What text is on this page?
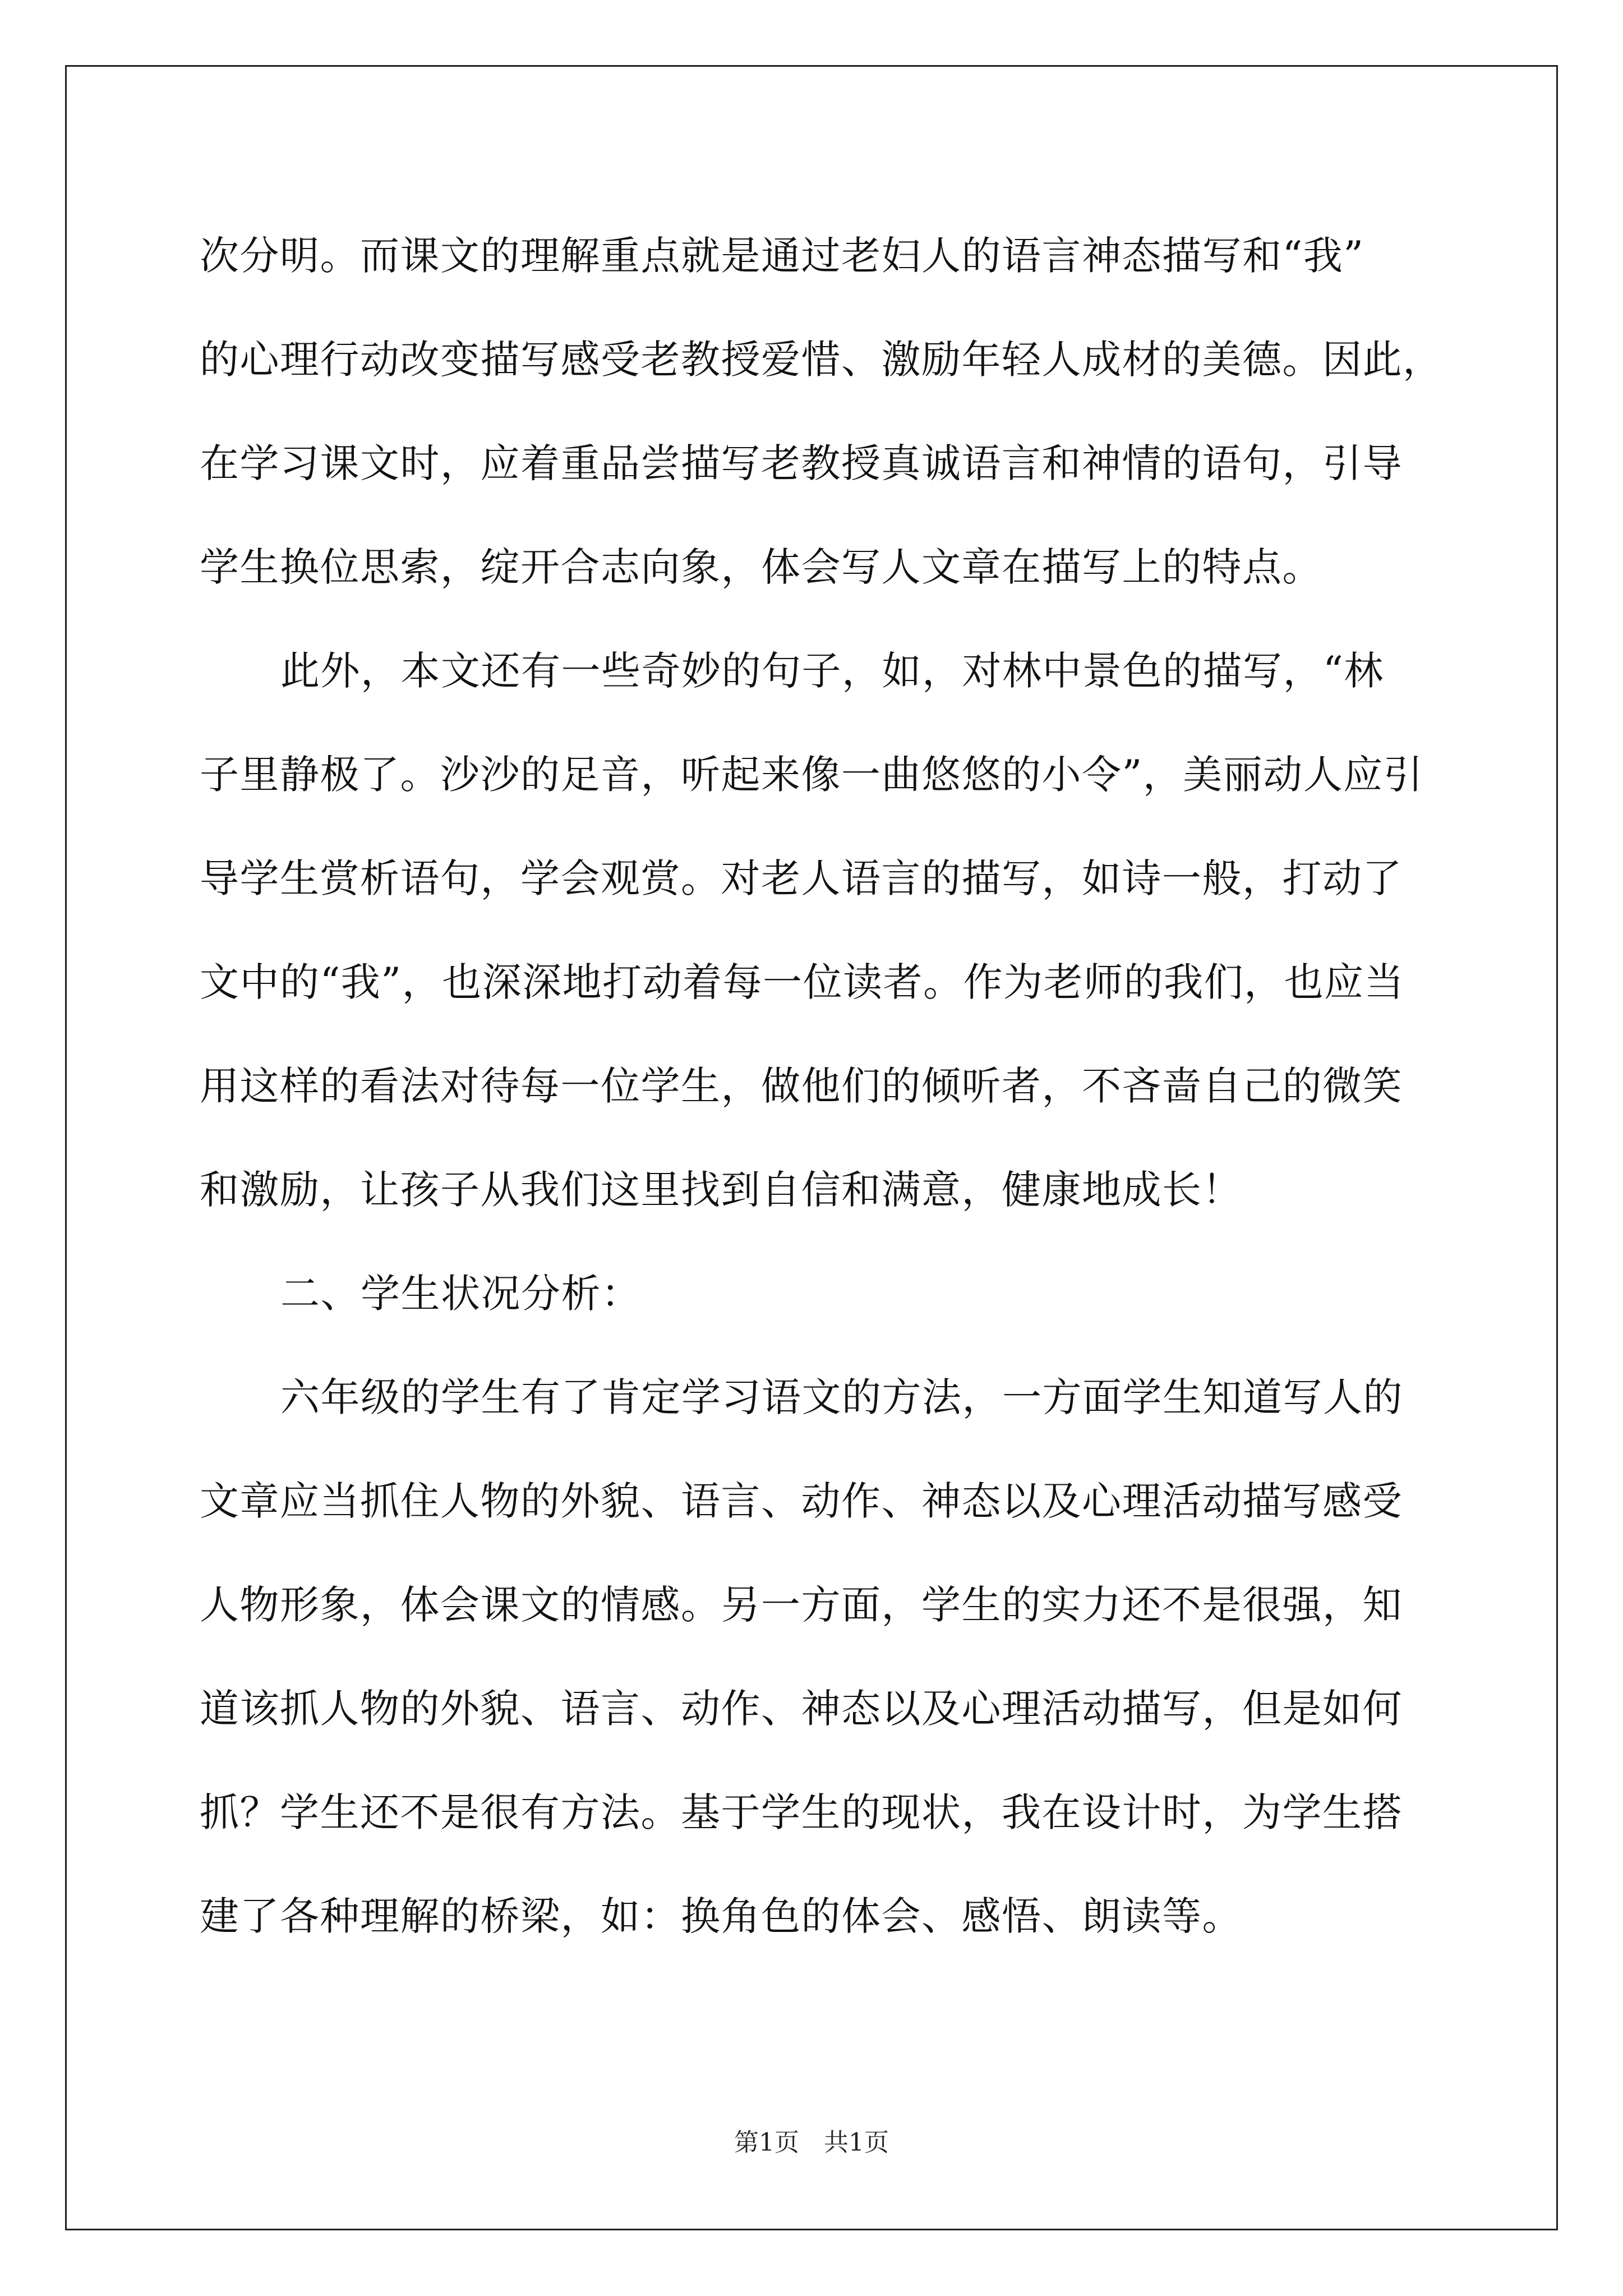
次分明。而课文的理解重点就是通过老妇人的语言神态描写和“我”
的心理行动改变描写感受老教授爱惜、激励年轻人成材的美德。因此，
在学习课文时，应着重品尝描写老教授真诚语言和神情的语句，引导
学生换位思索，绽开合志向象，体会写人文章在描写上的特点。
此外，本文还有一些奇妙的句子，如，对林中景色的描写，“林
子里静极了。沙沙的足音，听起来像一曲悠悠的小令”，美丽动人应引
导学生赏析语句，学会观赏。对老人语言的描写，如诗一般，打动了
文中的“我”，也深深地打动着每一位读者。作为老师的我们，也应当
用这样的看法对待每一位学生，做他们的倾听者，不吝啬自己的微笑
和激励，让孩子从我们这里找到自信和满意，健康地成长！
二、学生状况分析：
六年级的学生有了肯定学习语文的方法，一方面学生知道写人的
文章应当抓住人物的外貌、语言、动作、神态以及心理活动描写感受
人物形象，体会课文的情感。另一方面，学生的实力还不是很强，知
道该抓人物的外貌、语言、动作、神态以及心理活动描写，但是如何
抓？学生还不是很有方法。基于学生的现状，我在设计时，为学生搭
建了各种理解的桥梁，如：换角色的体会、感悟、朗读等。
第1页　共1页
